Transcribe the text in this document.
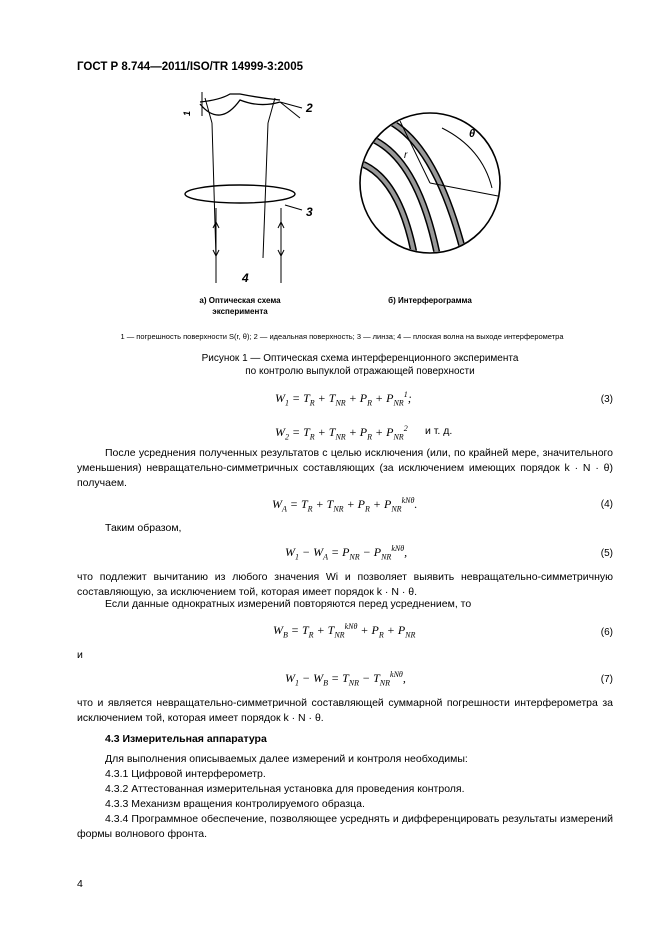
ГОСТ Р 8.744—2011/ISO/TR 14999-3:2005
1	2
3
4
r
θ
а) Оптическая схема
эксперимента
б) Интерферограмма
1 — погрешность поверхности S(r, θ); 2 — идеальная поверхность; 3 — линза; 4 — плоская волна на выходе интерферометра
Рисунок 1 — Оптическая схема интерференционного эксперимента
по контролю выпуклой отражающей поверхности
$W_1 = T_R + T_{NR} + P_R + P_{NR}^1$;	(3)
$W_2 = T_R + T_{NR} + P_R + P_{NR}^2$ и т. д.
После усреднения полученных результатов с целью исключения (или, по крайней мере, значительного уменьшения) невращательно-симметричных составляющих (за исключением имеющих порядок k · N · θ) получаем.
$W_A = T_R + T_{NR} + P_R + P_{NR}^{kN\theta}$.	(4)
Таким образом,
$W_1 - W_A = P_{NR} - P_{NR}^{kN\theta}$,	(5)
что подлежит вычитанию из любого значения Wi и позволяет выявить невращательно-симметричную составляющую, за исключением той, которая имеет порядок k · N · θ.
Если данные однократных измерений повторяются перед усреднением, то
$W_B = T_R + T_{NR}^{kN\theta} + P_R + P_{NR}$	(6)
и
$W_1 - W_B = T_{NR} - T_{NR}^{kN\theta}$,	(7)
что и является невращательно-симметричной составляющей суммарной погрешности интерферометра за исключением той, которая имеет порядок k · N · θ.
4.3 Измерительная аппаратура
Для выполнения описываемых далее измерений и контроля необходимы:
4.3.1 Цифровой интерферометр.
4.3.2 Аттестованная измерительная установка для проведения контроля.
4.3.3 Механизм вращения контролируемого образца.
4.3.4 Программное обеспечение, позволяющее усреднять и дифференцировать результаты измерений формы волнового фронта.
4
